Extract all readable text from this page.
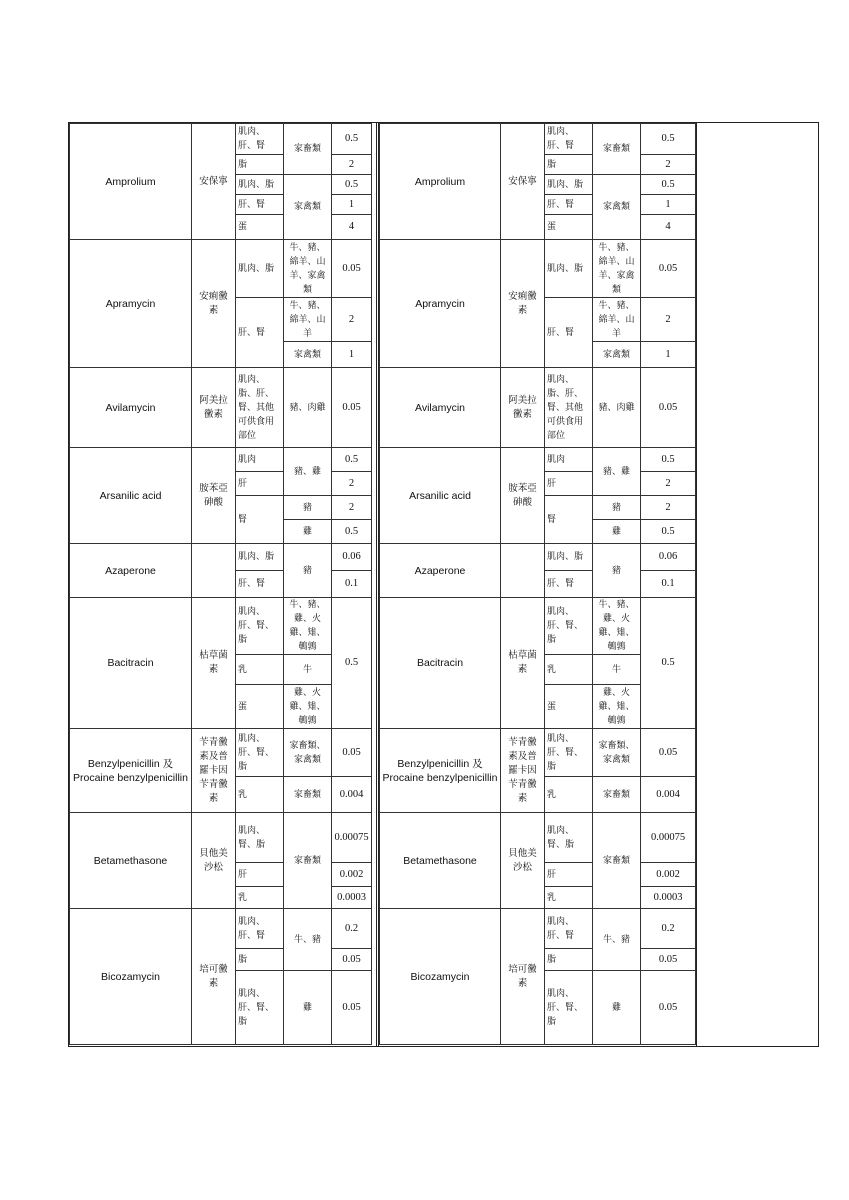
Amprolium	安保寧	肌肉、
肝、腎	家畜類	0.5
		脂		2
		肌肉、脂	家禽類	0.5
		肝、腎		1
		蛋		4
Apramycin	安痢黴
素	肌肉、脂	牛、豬、
綿羊、山
羊、家禽
類	0.05
		肝、腎	牛、豬、
綿羊、山
羊	2
			家禽類	1
Avilamycin	阿美拉
黴素	肌肉、
脂、肝、
腎、其他
可供食用
部位	豬、肉雞	0.05
Arsanilic acid	胺苯亞
砷酸	肌肉	豬、雞	0.5
		肝		2
		腎	豬	2
			雞	0.5
Azaperone		肌肉、脂	豬	0.06
		肝、腎		0.1
Bacitracin	枯草菌
素	肌肉、
肝、腎、
脂	牛、豬、
雞、火
雞、雉、
鵪鶉	0.5
		乳	牛	
		蛋	雞、火
雞、雉、
鵪鶉	
Benzylpenicillin 及
Procaine benzylpenicillin	苄青黴
素及普
羅卡因
苄青黴
素	肌肉、
肝、腎、
脂	家畜類、
家禽類	0.05
		乳	家畜類	0.004
Betamethasone	貝他美
沙松	肌肉、
腎、脂	家畜類	0.00075
		肝		0.002
		乳		0.0003
Bicozamycin	培可黴
素	肌肉、
肝、腎	牛、豬	0.2
		脂		0.05
		肌肉、
肝、腎、
脂	雞	0.05
Amprolium	安保寧	肌肉、
肝、腎	家畜類	0.5
		脂		2
		肌肉、脂	家禽類	0.5
		肝、腎		1
		蛋		4
Apramycin	安痢黴
素	肌肉、脂	牛、豬、
綿羊、山
羊、家禽
類	0.05
		肝、腎	牛、豬、
綿羊、山
羊	2
			家禽類	1
Avilamycin	阿美拉
黴素	肌肉、
脂、肝、
腎、其他
可供食用
部位	豬、肉雞	0.05
Arsanilic acid	胺苯亞
砷酸	肌肉	豬、雞	0.5
		肝		2
		腎	豬	2
			雞	0.5
Azaperone		肌肉、脂	豬	0.06
		肝、腎		0.1
Bacitracin	枯草菌
素	肌肉、
肝、腎、
脂	牛、豬、
雞、火
雞、雉、
鵪鶉	0.5
		乳	牛	
		蛋	雞、火
雞、雉、
鵪鶉	
Benzylpenicillin 及
Procaine benzylpenicillin	苄青黴
素及普
羅卡因
苄青黴
素	肌肉、
肝、腎、
脂	家畜類、
家禽類	0.05
		乳	家畜類	0.004
Betamethasone	貝他美
沙松	肌肉、
腎、脂	家畜類	0.00075
		肝		0.002
		乳		0.0003
Bicozamycin	培可黴
素	肌肉、
肝、腎	牛、豬	0.2
		脂		0.05
		肌肉、
肝、腎、
脂	雞	0.05
